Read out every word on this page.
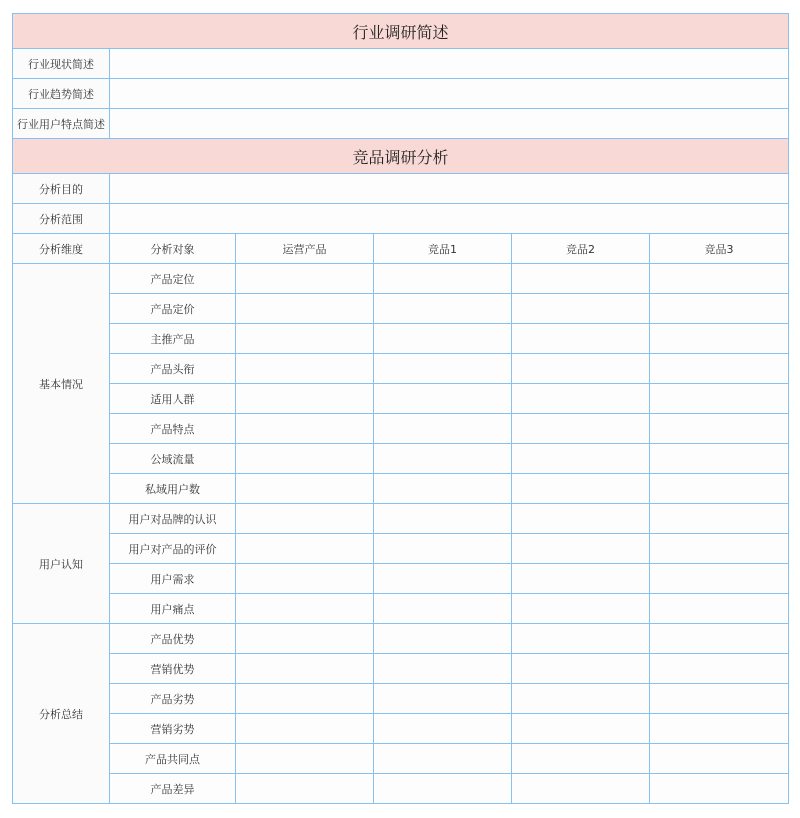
行业调研简述					
行业现状简述					
行业趋势简述					
行业用户特点简述					
竞品调研分析					
分析目的					
分析范围					
分析维度	分析对象	运营产品	竞品1	竞品2	竞品3
基本情况	产品定位				
	产品定价				
	主推产品				
	产品头衔				
	适用人群				
	产品特点				
	公域流量				
	私域用户数				
用户认知	用户对品牌的认识				
	用户对产品的评价				
	用户需求				
	用户痛点				
分析总结	产品优势				
	营销优势				
	产品劣势				
	营销劣势				
	产品共同点				
	产品差异				
